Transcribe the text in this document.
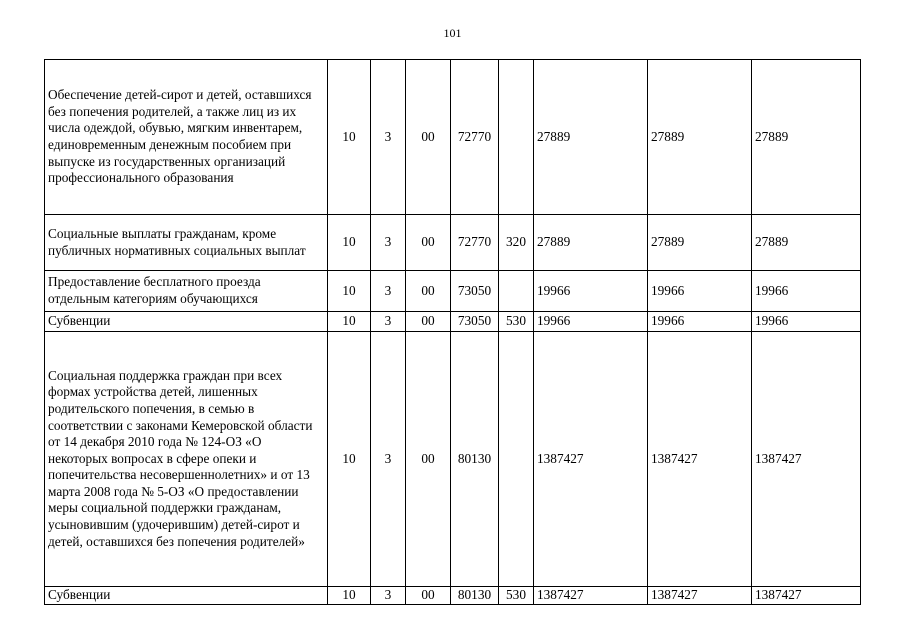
101
Обеспечение детей-сирот и детей, оставшихся без попечения родителей, а также лиц из их числа одеждой, обувью, мягким инвентарем, единовременным денежным пособием при выпуске из государственных организаций профессионального образования	10	3	00	72770		27889	27889	27889
Социальные выплаты гражданам, кроме публичных нормативных социальных выплат	10	3	00	72770	320	27889	27889	27889
Предоставление бесплатного проезда отдельным категориям обучающихся	10	3	00	73050		19966	19966	19966
Субвенции	10	3	00	73050	530	19966	19966	19966
Социальная поддержка граждан при всех формах устройства детей, лишенных родительского попечения, в семью в соответствии с законами Кемеровской области от 14 декабря 2010 года № 124-ОЗ «О некоторых вопросах в сфере опеки и попечительства несовершеннолетних» и от 13 марта 2008 года № 5-ОЗ «О предоставлении меры социальной поддержки гражданам, усыновившим (удочерившим) детей-сирот и детей, оставшихся без попечения родителей»	10	3	00	80130		1387427	1387427	1387427
Субвенции	10	3	00	80130	530	1387427	1387427	1387427
